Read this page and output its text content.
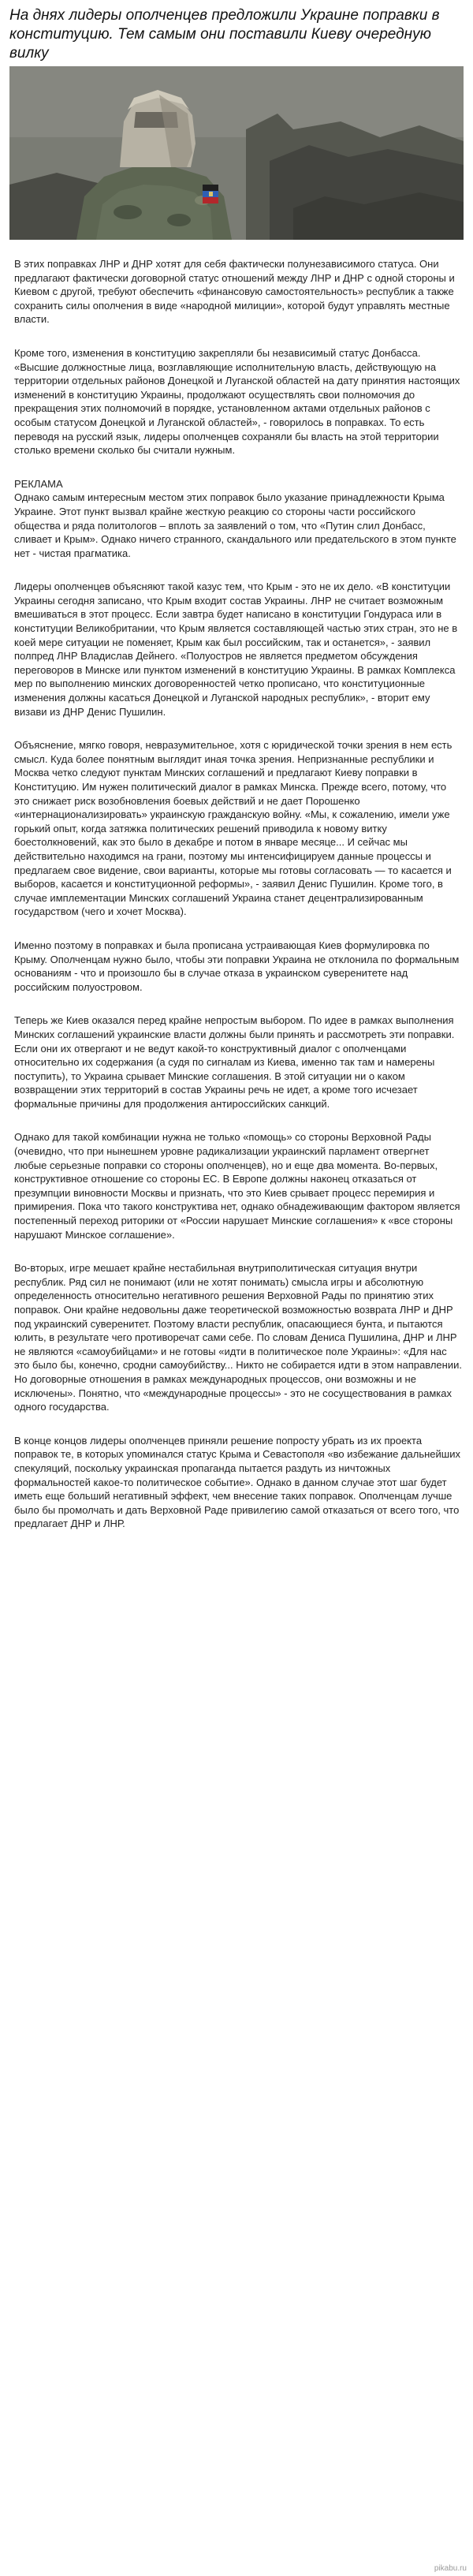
На днях лидеры ополченцев предложили Украине поправки в конституцию. Тем самым они поставили Киеву очередную вилку

В этих поправках ЛНР и ДНР хотят для себя фактически полунезависимого статуса. Они предлагают фактически договорной статус отношений между ЛНР и ДНР с одной стороны и Киевом с другой, требуют обеспечить «финансовую самостоятельность» республик а также сохранить силы ополчения в виде «народной милиции», которой будут управлять местные власти.

Кроме того, изменения в конституцию закрепляли бы независимый статус Донбасса. «Высшие должностные лица, возглавляющие исполнительную власть, действующую на территории отдельных районов Донецкой и Луганской областей на дату принятия настоящих изменений в конституцию Украины, продолжают осуществлять свои полномочия до прекращения этих полномочий в порядке, установленном актами отдельных районов с особым статусом Донецкой и Луганской областей», - говорилось в поправках. То есть переводя на русский язык, лидеры ополченцев сохраняли бы власть на этой территории столько времени сколько бы считали нужным.

РЕКЛАМА

Однако самым интересным местом этих поправок было указание принадлежности Крыма Украине. Этот пункт вызвал крайне жесткую реакцию со стороны части российского общества и ряда политологов – вплоть за заявлений о том, что «Путин слил Донбасс, сливает и Крым». Однако ничего странного, скандального или предательского в этом пункте нет - чистая прагматика.

Лидеры ополченцев объясняют такой казус тем, что Крым - это не их дело. «В конституции Украины сегодня записано, что Крым входит состав Украины. ЛНР не считает возможным вмешиваться в этот процесс. Если завтра будет написано в конституции Гондураса или в конституции Великобритании, что Крым является составляющей частью этих стран, это не в коей мере ситуации не поменяет, Крым как был российским, так и останется», - заявил полпред ЛНР Владислав Дейнего. «Полуостров не является предметом обсуждения переговоров в Минске или пунктом изменений в конституцию Украины. В рамках Комплекса мер по выполнению минских договоренностей четко прописано, что конституционные изменения должны касаться Донецкой и Луганской народных республик», - вторит ему визави из ДНР Денис Пушилин.

Объяснение, мягко говоря, невразумительное, хотя с юридической точки зрения в нем есть смысл. Куда более понятным выглядит иная точка зрения. Непризнанные республики и Москва четко следуют пунктам Минских соглашений и предлагают Киеву поправки в Конституцию. Им нужен политический диалог в рамках Минска. Прежде всего, потому, что это снижает риск возобновления боевых действий и не дает Порошенко «интернационализировать» украинскую гражданскую войну. «Мы, к сожалению, имели уже горький опыт, когда затяжка политических решений приводила к новому витку боестолкновений, как это было в декабре и потом в январе месяце... И сейчас мы действительно находимся на грани, поэтому мы интенсифицируем данные процессы и предлагаем свое видение, свои варианты, которые мы готовы согласовать — то касается и выборов, касается и конституционной реформы», - заявил Денис Пушилин. Кроме того, в случае имплементации Минских соглашений Украина станет децентрализированным государством (чего и хочет Москва).

Именно поэтому в поправках и была прописана устраивающая Киев формулировка по Крыму. Ополченцам нужно было, чтобы эти поправки Украина не отклонила по формальным основаниям - что и произошло бы в случае отказа в украинском суверенитете над российским полуостровом.

Теперь же Киев оказался перед крайне непростым выбором. По идее в рамках выполнения Минских соглашений украинские власти должны были принять и рассмотреть эти поправки. Если они их отвергают и не ведут какой-то конструктивный диалог с ополченцами относительно их содержания (а судя по сигналам из Киева, именно так там и намерены поступить), то Украина срывает Минские соглашения. В этой ситуации ни о каком возвращении этих территорий в состав Украины речь не идет, а кроме того исчезает формальные причины для продолжения антироссийских санкций.

Однако для такой комбинации нужна не только «помощь» со стороны Верховной Рады (очевидно, что при нынешнем уровне радикализации украинский парламент отвергнет любые серьезные поправки со стороны ополченцев), но и еще два момента. Во-первых, конструктивное отношение со стороны ЕС. В Европе должны наконец отказаться от презумпции виновности Москвы и признать, что это Киев срывает процесс перемирия и примирения. Пока что такого конструктива нет, однако обнадеживающим фактором является постепенный переход риторики от «России нарушает Минские соглашения» к «все стороны нарушают Минское соглашение».

Во-вторых, игре мешает крайне нестабильная внутриполитическая ситуация внутри республик. Ряд сил не понимают (или не хотят понимать) смысла игры и абсолютную определенность относительно негативного решения Верховной Рады по принятию этих поправок. Они крайне недовольны даже теоретической возможностью возврата ЛНР и ДНР под украинский суверенитет. Поэтому власти республик, опасающиеся бунта, и пытаются юлить, в результате чего противоречат сами себе. По словам Дениса Пушилина, ДНР и ЛНР не являются «самоубийцами» и не готовы «идти в политическое поле Украины»: «Для нас это было бы, конечно, сродни самоубийству... Никто не собирается идти в этом направлении. Но договорные отношения в рамках международных процессов, они возможны и не исключены». Понятно, что «международные процессы» - это не сосуществования в рамках одного государства.

В конце концов лидеры ополченцев приняли решение попросту убрать из их проекта поправок те, в которых упоминался статус Крыма и Севастополя «во избежание дальнейших спекуляций, поскольку украинская пропаганда пытается раздуть из ничтожных формальностей какое-то политическое событие». Однако в данном случае этот шаг будет иметь еще больший негативный эффект, чем внесение таких поправок. Ополченцам лучше было бы промолчать и дать Верховной Раде привилегию самой отказаться от всего того, что предлагает ДНР и ЛНР.

pikabu.ru
